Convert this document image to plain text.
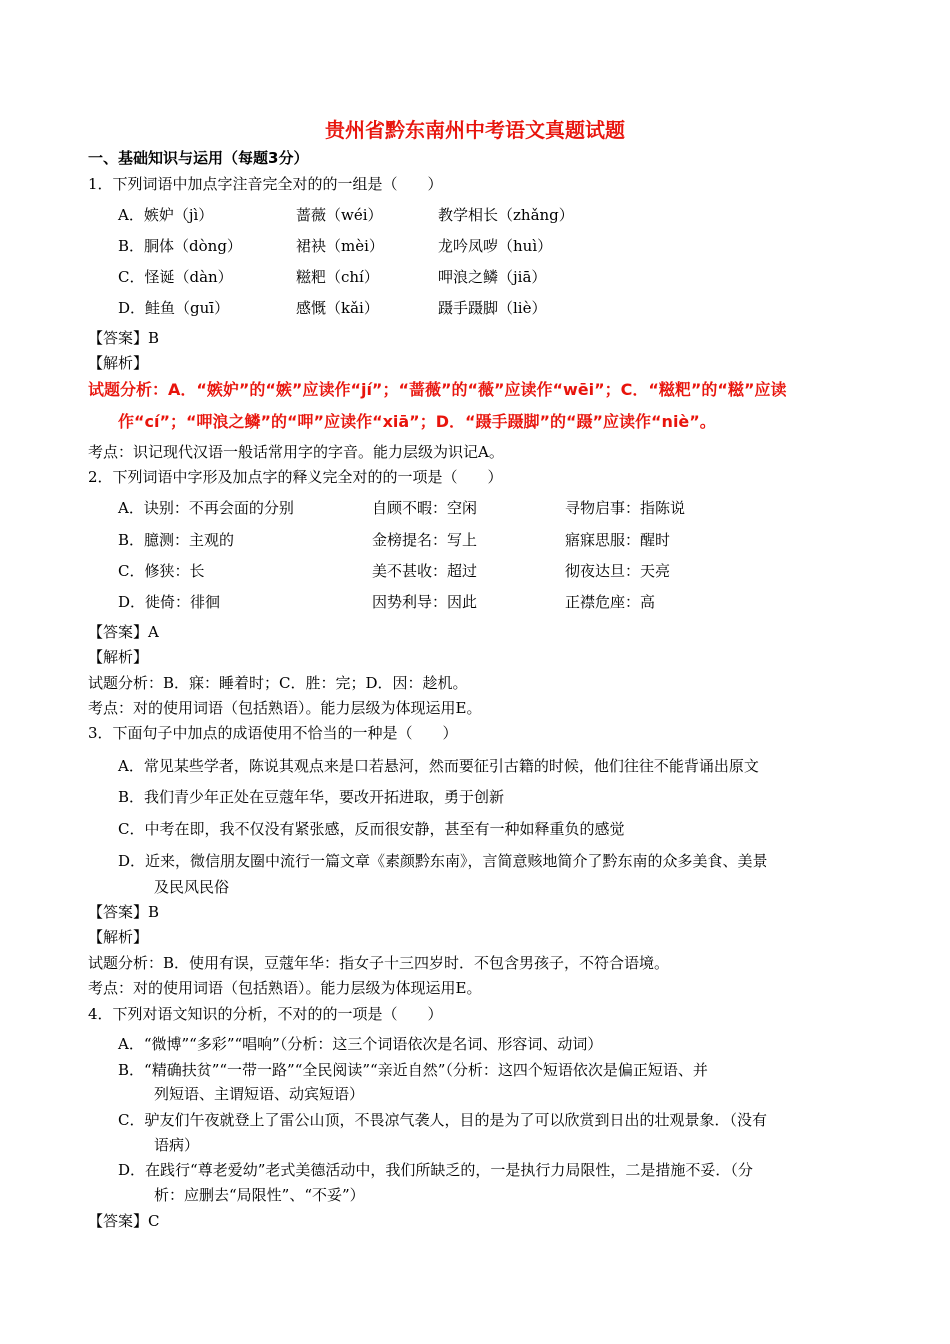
贵州省黔东南州中考语文真题试题
一、基础知识与运用（每题3分）
1．下列词语中加点字注音完全对的的一组是（　　）
A．嫉妒（jì）	蔷薇（wéi）	教学相长（zhǎng）
B．胴体（dòng）	裙袂（mèi）	龙吟凤哕（huì）
C．怪诞（dàn）	糍粑（chí）	呷浪之鳞（jiā）
D．鲑鱼（guī）	感慨（kǎi）	蹑手蹑脚（liè）
【答案】B
【解析】
试题分析：A．“嫉妒”的“嫉”应读作“jí”；“蔷薇”的“薇”应读作“wēi”；C．“糍粑”的“糍”应读
作“cí”；“呷浪之鳞”的“呷”应读作“xiā”；D．“蹑手蹑脚”的“蹑”应读作“niè”。
考点：识记现代汉语一般话常用字的字音。能力层级为识记A。
2．下列词语中字形及加点字的释义完全对的的一项是（　　）
A．诀别：不再会面的分别	自顾不暇：空闲	寻物启事：指陈说
B．臆测：主观的	金榜提名：写上	寤寐思服：醒时
C．修狭：长	美不甚收：超过	彻夜达旦：天亮
D．徙倚：徘徊	因势利导：因此	正襟危座：高
【答案】A
【解析】
试题分析：B．寐：睡着时；C．胜：完；D．因：趁机。
考点：对的使用词语（包括熟语）。能力层级为体现运用E。
3．下面句子中加点的成语使用不恰当的一种是（　　）
A．常见某些学者，陈说其观点来是口若悬河，然而要征引古籍的时候，他们往往不能背诵出原文
B．我们青少年正处在豆蔻年华，要改开拓进取，勇于创新
C．中考在即，我不仅没有紧张感，反而很安静，甚至有一种如释重负的感觉
D．近来，微信朋友圈中流行一篇文章《素颜黔东南》，言简意赅地简介了黔东南的众多美食、美景
及民风民俗
【答案】B
【解析】
试题分析：B．使用有误，豆蔻年华：指女子十三四岁时．不包含男孩子，不符合语境。
考点：对的使用词语（包括熟语）。能力层级为体现运用E。
4．下列对语文知识的分析，不对的的一项是（　　）
A．“微博”“多彩”“唱响”（分析：这三个词语依次是名词、形容词、动词）
B．“精确扶贫”“一带一路”“全民阅读”“亲近自然”（分析：这四个短语依次是偏正短语、并
列短语、主谓短语、动宾短语）
C．驴友们午夜就登上了雷公山顶，不畏凉气袭人，目的是为了可以欣赏到日出的壮观景象．（没有
语病）
D．在践行“尊老爱幼”老式美德活动中，我们所缺乏的，一是执行力局限性，二是措施不妥．（分
析：应删去“局限性”、“不妥”）
【答案】C
